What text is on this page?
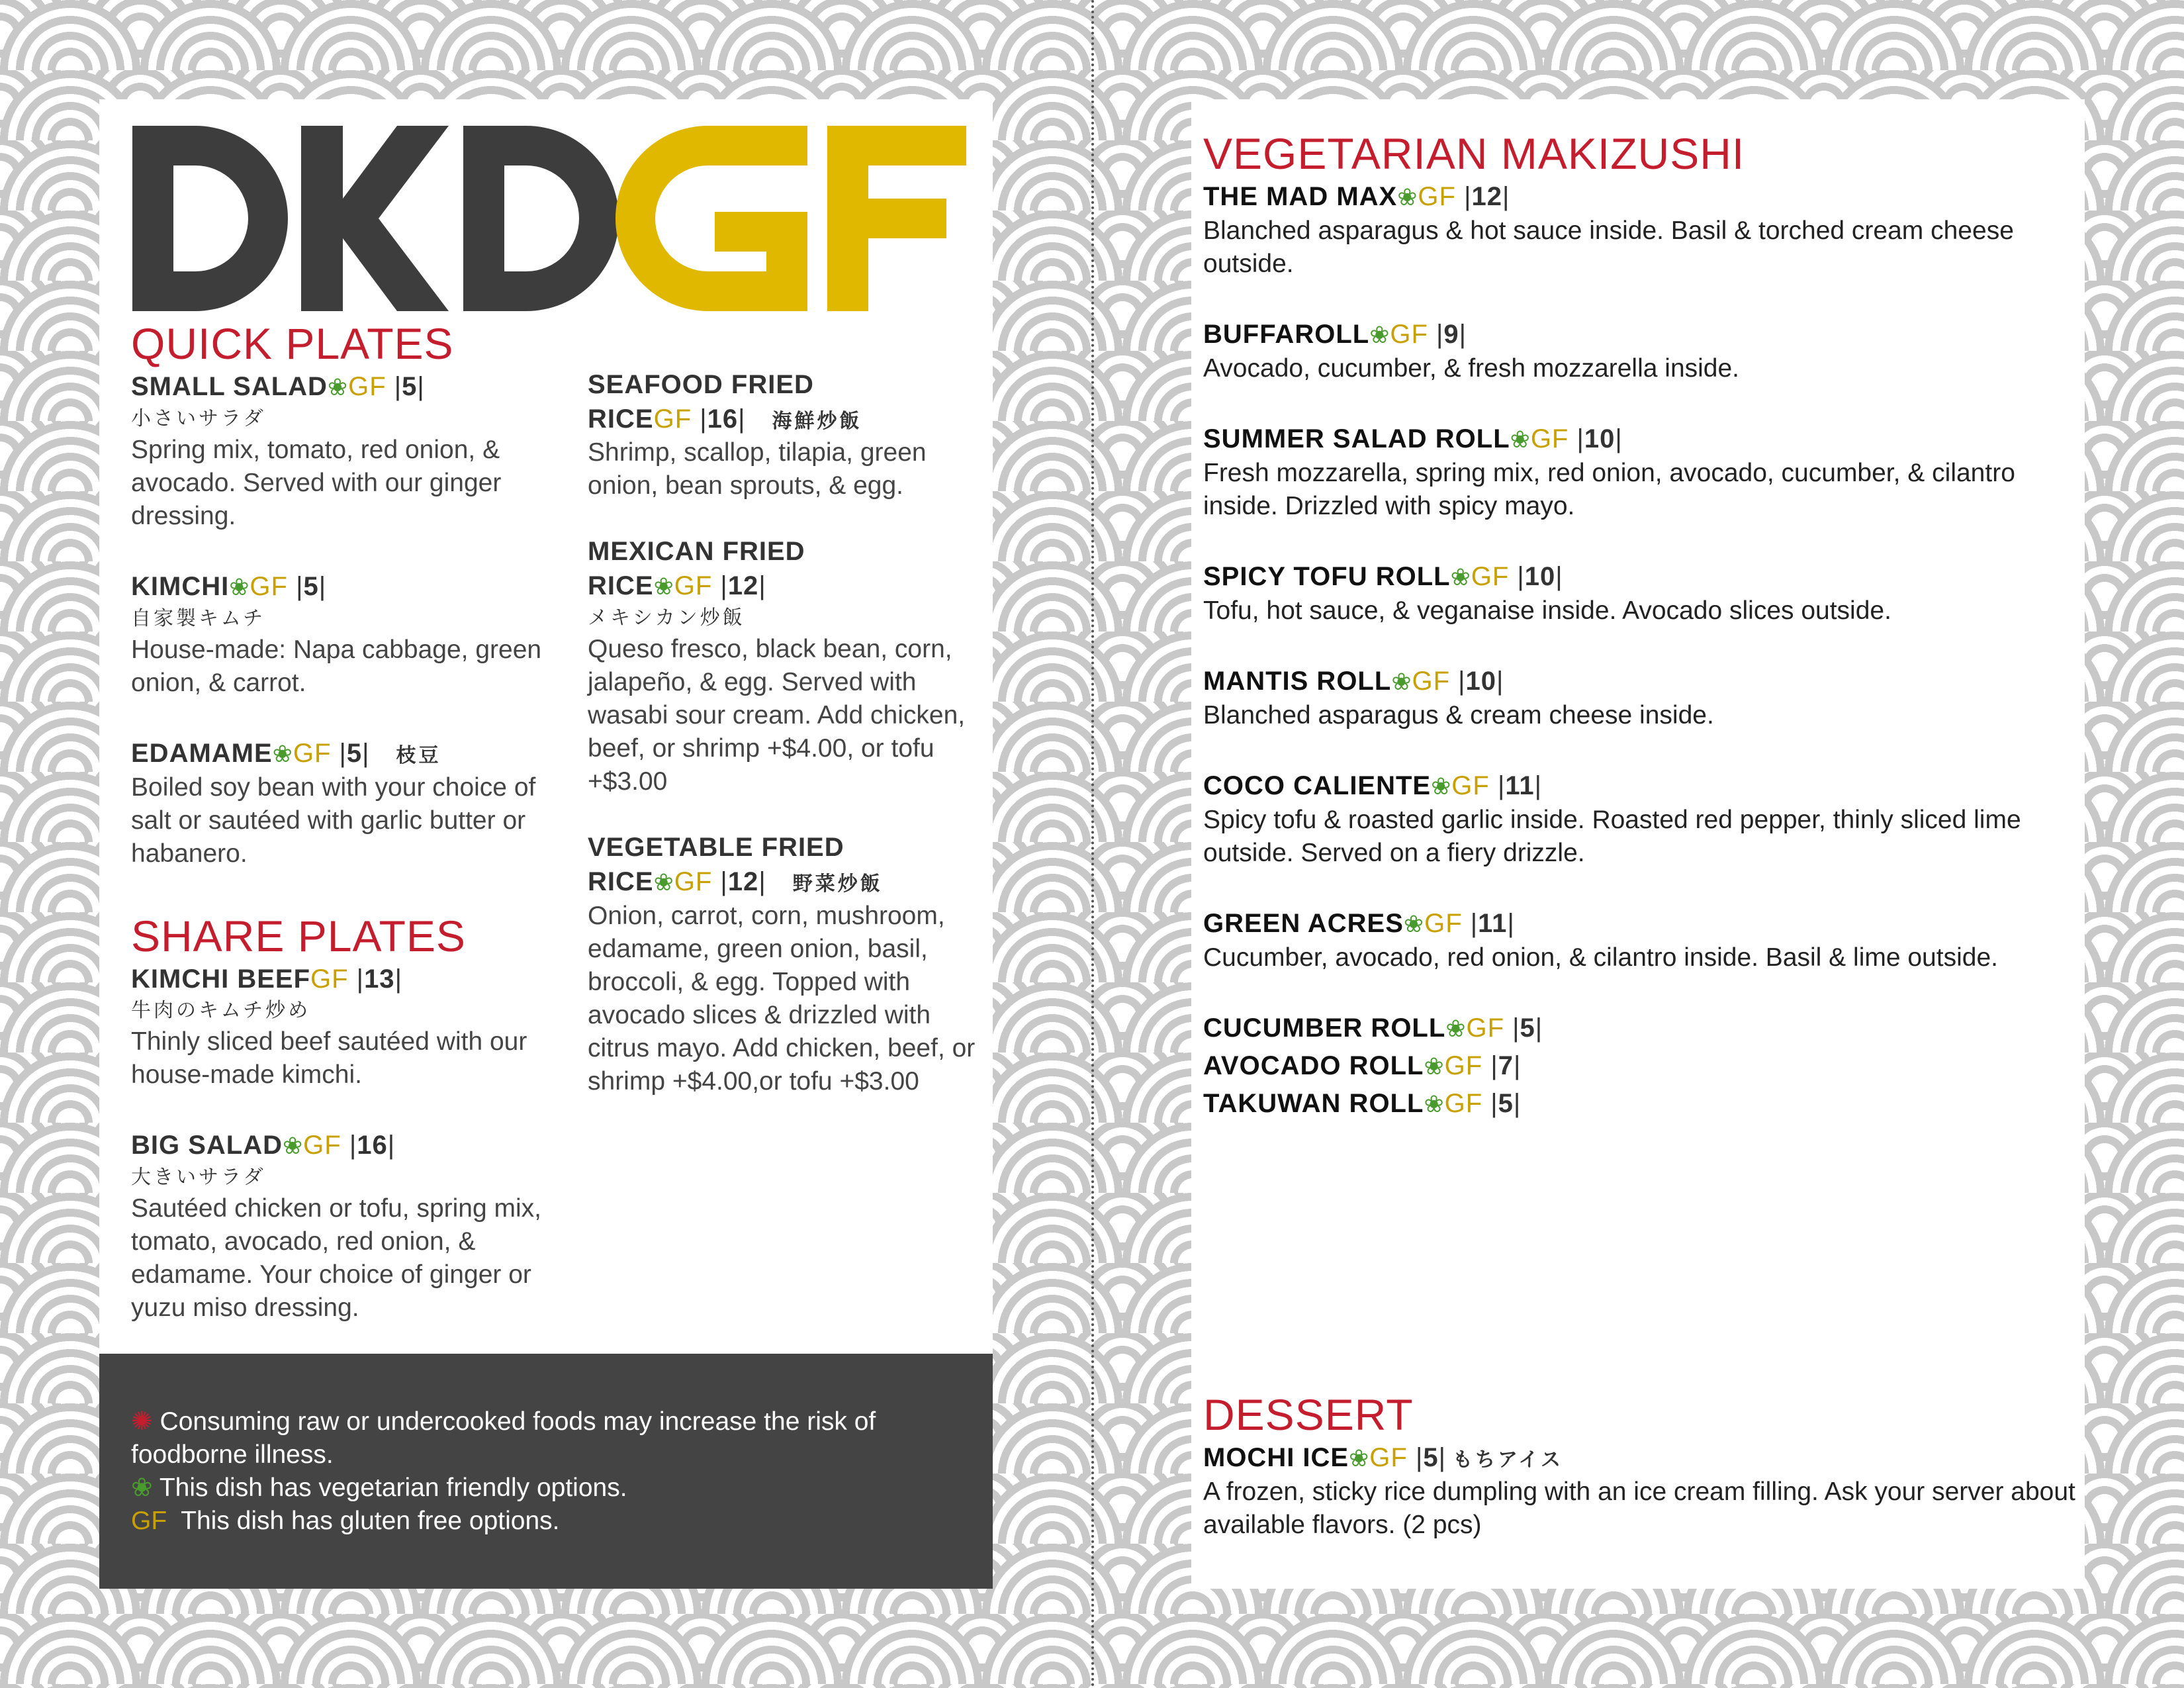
DKD
QUICK PLATES
SMALL SALAD❀GF |5|
小さいサラダ
Spring mix, tomato, red onion, & avocado. Served with our ginger dressing.
KIMCHI❀GF |5|
自家製キムチ
House-made: Napa cabbage, green onion, & carrot.
EDAMAME❀GF |5| 枝豆
Boiled soy bean with your choice of salt or sautéed with garlic butter or habanero.
SHARE PLATES
KIMCHI BEEFGF |13|
牛肉のキムチ炒め
Thinly sliced beef sautéed with our house-made kimchi.
BIG SALAD❀GF |16|
大きいサラダ
Sautéed chicken or tofu, spring mix, tomato, avocado, red onion, & edamame. Your choice of ginger or yuzu miso dressing.
SEAFOOD FRIED
RICEGF |16| 海鮮炒飯
Shrimp, scallop, tilapia, green onion, bean sprouts, & egg.
MEXICAN FRIED
RICE❀GF |12|
メキシカン炒飯
Queso fresco, black bean, corn, jalapeño, & egg. Served with wasabi sour cream. Add chicken, beef, or shrimp +$4.00, or tofu +$3.00
VEGETABLE FRIED
RICE❀GF |12| 野菜炒飯
Onion, carrot, corn, mushroom, edamame, green onion, basil, broccoli, & egg. Topped with avocado slices & drizzled with citrus mayo. Add chicken, beef, or shrimp +$4.00,or tofu +$3.00
✺ Consuming raw or undercooked foods may increase the risk of foodborne illness.
❀ This dish has vegetarian friendly options.
GF This dish has gluten free options.
VEGETARIAN MAKIZUSHI
THE MAD MAX❀GF |12|
Blanched asparagus & hot sauce inside. Basil & torched cream cheese outside.
BUFFAROLL❀GF |9|
Avocado, cucumber, & fresh mozzarella inside.
SUMMER SALAD ROLL❀GF |10|
Fresh mozzarella, spring mix, red onion, avocado, cucumber, & cilantro inside. Drizzled with spicy mayo.
SPICY TOFU ROLL❀GF |10|
Tofu, hot sauce, & veganaise inside. Avocado slices outside.
MANTIS ROLL❀GF |10|
Blanched asparagus & cream cheese inside.
COCO CALIENTE❀GF |11|
Spicy tofu & roasted garlic inside. Roasted red pepper, thinly sliced lime outside. Served on a fiery drizzle.
GREEN ACRES❀GF |11|
Cucumber, avocado, red onion, & cilantro inside. Basil & lime outside.
CUCUMBER ROLL❀GF |5|
AVOCADO ROLL❀GF |7|
TAKUWAN ROLL❀GF |5|
DESSERT
MOCHI ICE❀GF |5| もちアイス
A frozen, sticky rice dumpling with an ice cream filling. Ask your server about available flavors. (2 pcs)
